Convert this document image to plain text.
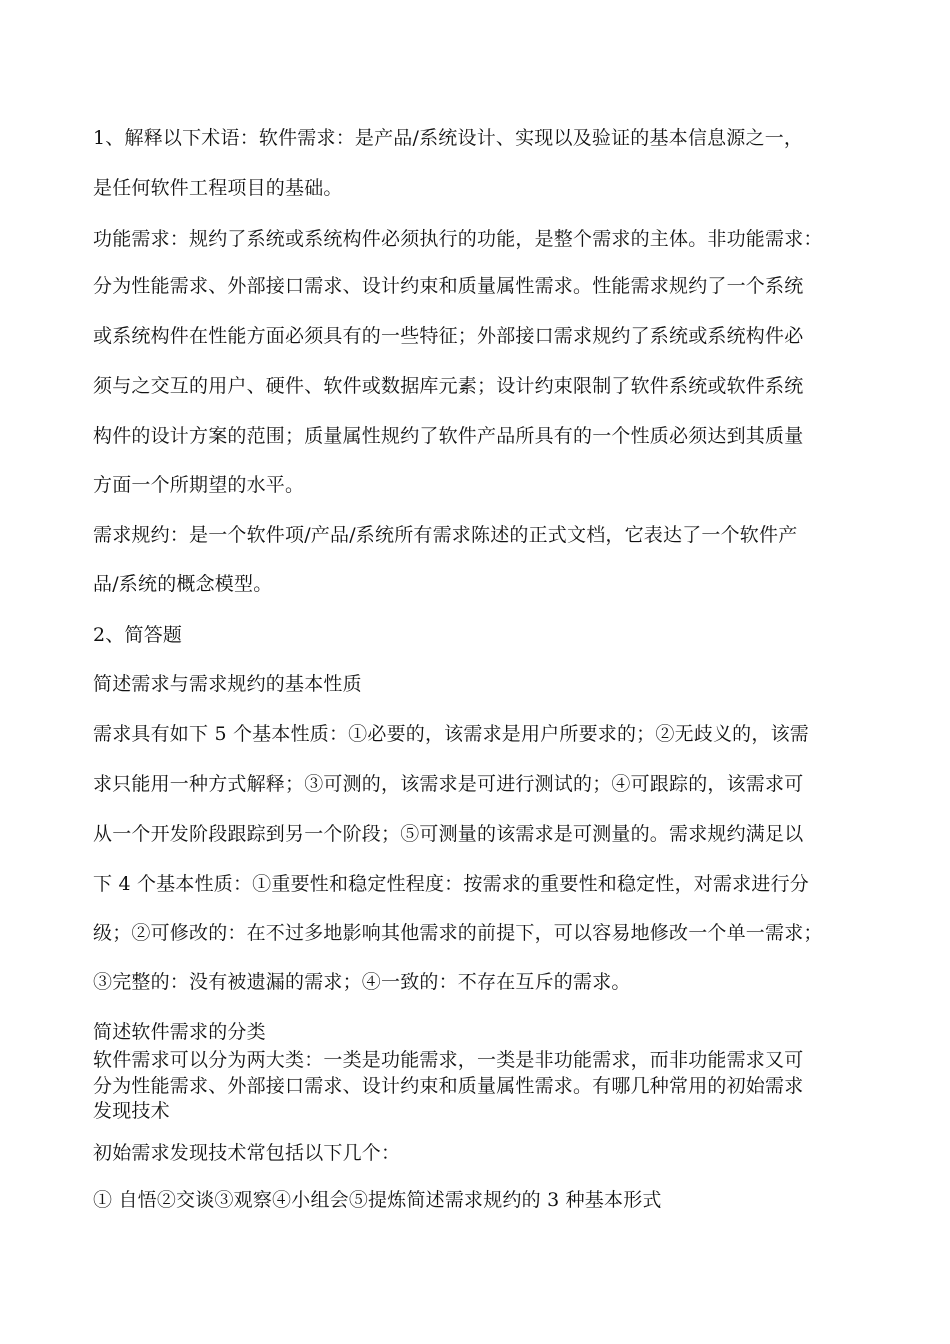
1、解释以下术语：软件需求：是产品/系统设计、实现以及验证的基本信息源之一，
是任何软件工程项目的基础。
功能需求：规约了系统或系统构件必须执行的功能，是整个需求的主体。非功能需求：
分为性能需求、外部接口需求、设计约束和质量属性需求。性能需求规约了一个系统
或系统构件在性能方面必须具有的一些特征；外部接口需求规约了系统或系统构件必
须与之交互的用户、硬件、软件或数据库元素；设计约束限制了软件系统或软件系统
构件的设计方案的范围；质量属性规约了软件产品所具有的一个性质必须达到其质量
方面一个所期望的水平。
需求规约：是一个软件项/产品/系统所有需求陈述的正式文档，它表达了一个软件产
品/系统的概念模型。
2、简答题
简述需求与需求规约的基本性质
需求具有如下 5 个基本性质：①必要的，该需求是用户所要求的；②无歧义的，该需
求只能用一种方式解释；③可测的，该需求是可进行测试的；④可跟踪的，该需求可
从一个开发阶段跟踪到另一个阶段；⑤可测量的该需求是可测量的。需求规约满足以
下 4 个基本性质：①重要性和稳定性程度：按需求的重要性和稳定性，对需求进行分
级；②可修改的：在不过多地影响其他需求的前提下，可以容易地修改一个单一需求；
③完整的：没有被遗漏的需求；④一致的：不存在互斥的需求。
简述软件需求的分类
软件需求可以分为两大类：一类是功能需求，一类是非功能需求，而非功能需求又可
分为性能需求、外部接口需求、设计约束和质量属性需求。有哪几种常用的初始需求
发现技术
初始需求发现技术常包括以下几个：
① 自悟②交谈③观察④小组会⑤提炼简述需求规约的 3 种基本形式
